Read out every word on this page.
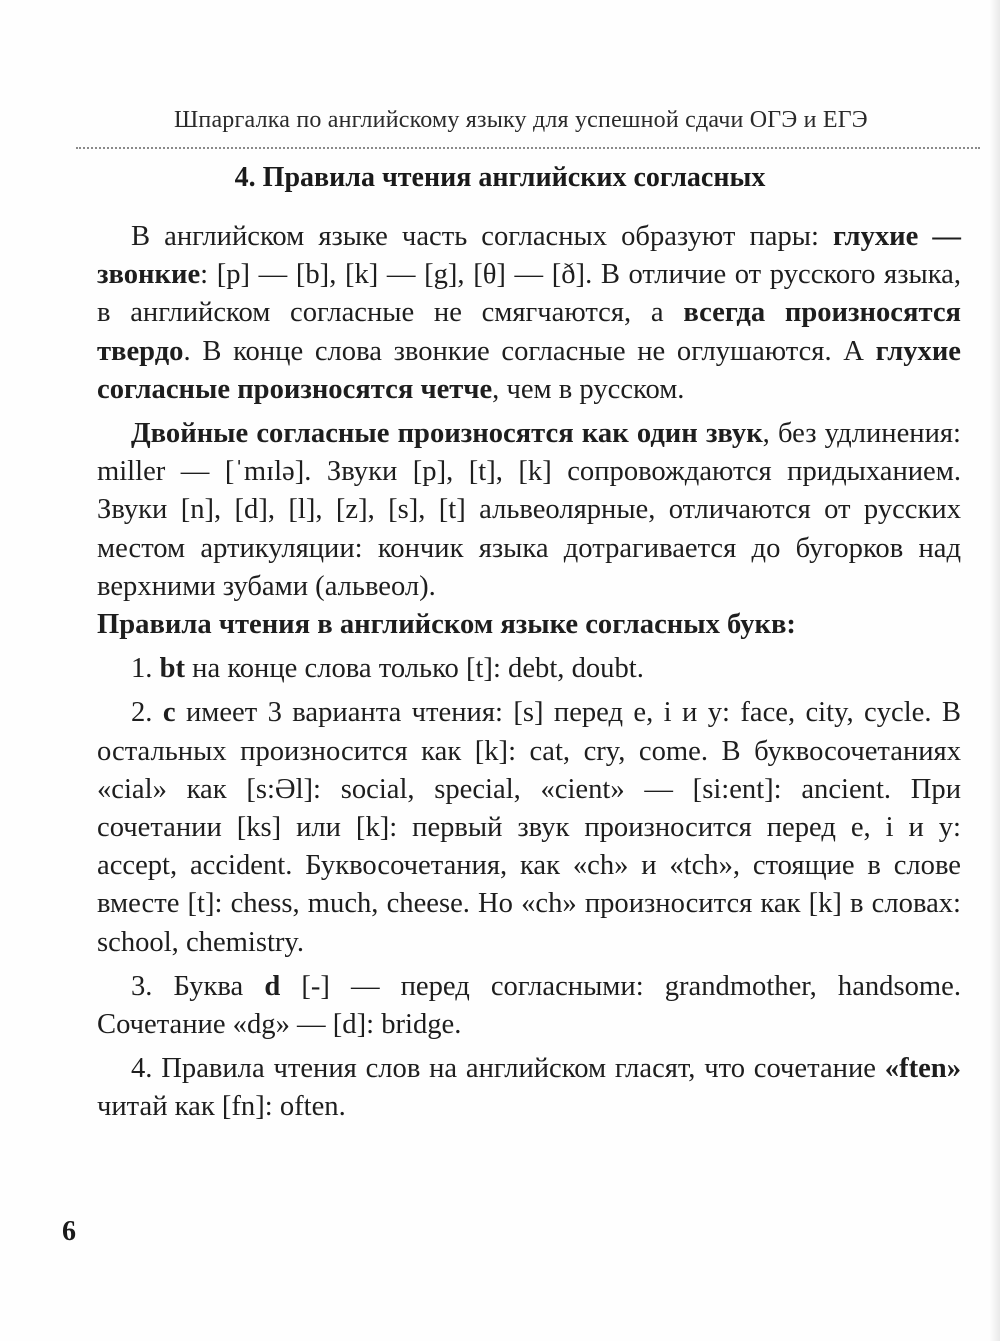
Шпаргалка по английскому языку для успешной сдачи ОГЭ и ЕГЭ
4. Правила чтения английских согласных

В английском языке часть согласных образуют пары: глухие — звонкие: [p] — [b], [k] — [g], [θ] — [ð]. В отличие от русского языка, в английском согласные не смягчаются, а всегда произносятся твердо. В конце слова звонкие согласные не оглушаются. А глухие согласные произносятся четче, чем в русском.

Двойные согласные произносятся как один звук, без удлинения: miller — [ˈmɪlə]. Звуки [p], [t], [k] сопровождаются придыханием. Звуки [n], [d], [l], [z], [s], [t] альвеолярные, отличаются от русских местом артикуляции: кончик языка дотрагивается до бугорков над верхними зубами (альвеол).

Правила чтения в английском языке согласных букв:

1. bt на конце слова только [t]: debt, doubt.

2. c имеет 3 варианта чтения: [s] перед e, i и y: face, city, cycle. В остальных произносится как [k]: cat, cry, come. В буквосочетаниях «cial» как [s:Əl]: social, special, «cient» — [si:ent]: ancient. При сочетании [ks] или [k]: первый звук произносится перед e, i и y: accept, accident. Буквосочетания, как «ch» и «tch», стоящие в слове вместе [t]: chess, much, cheese. Но «ch» произносится как [k] в словах: school, chemistry.

3. Буква d [-] — перед согласными: grandmother, handsome. Сочетание «dg» — [d]: bridge.

4. Правила чтения слов на английском гласят, что сочетание «ften» читай как [fn]: often.

6
